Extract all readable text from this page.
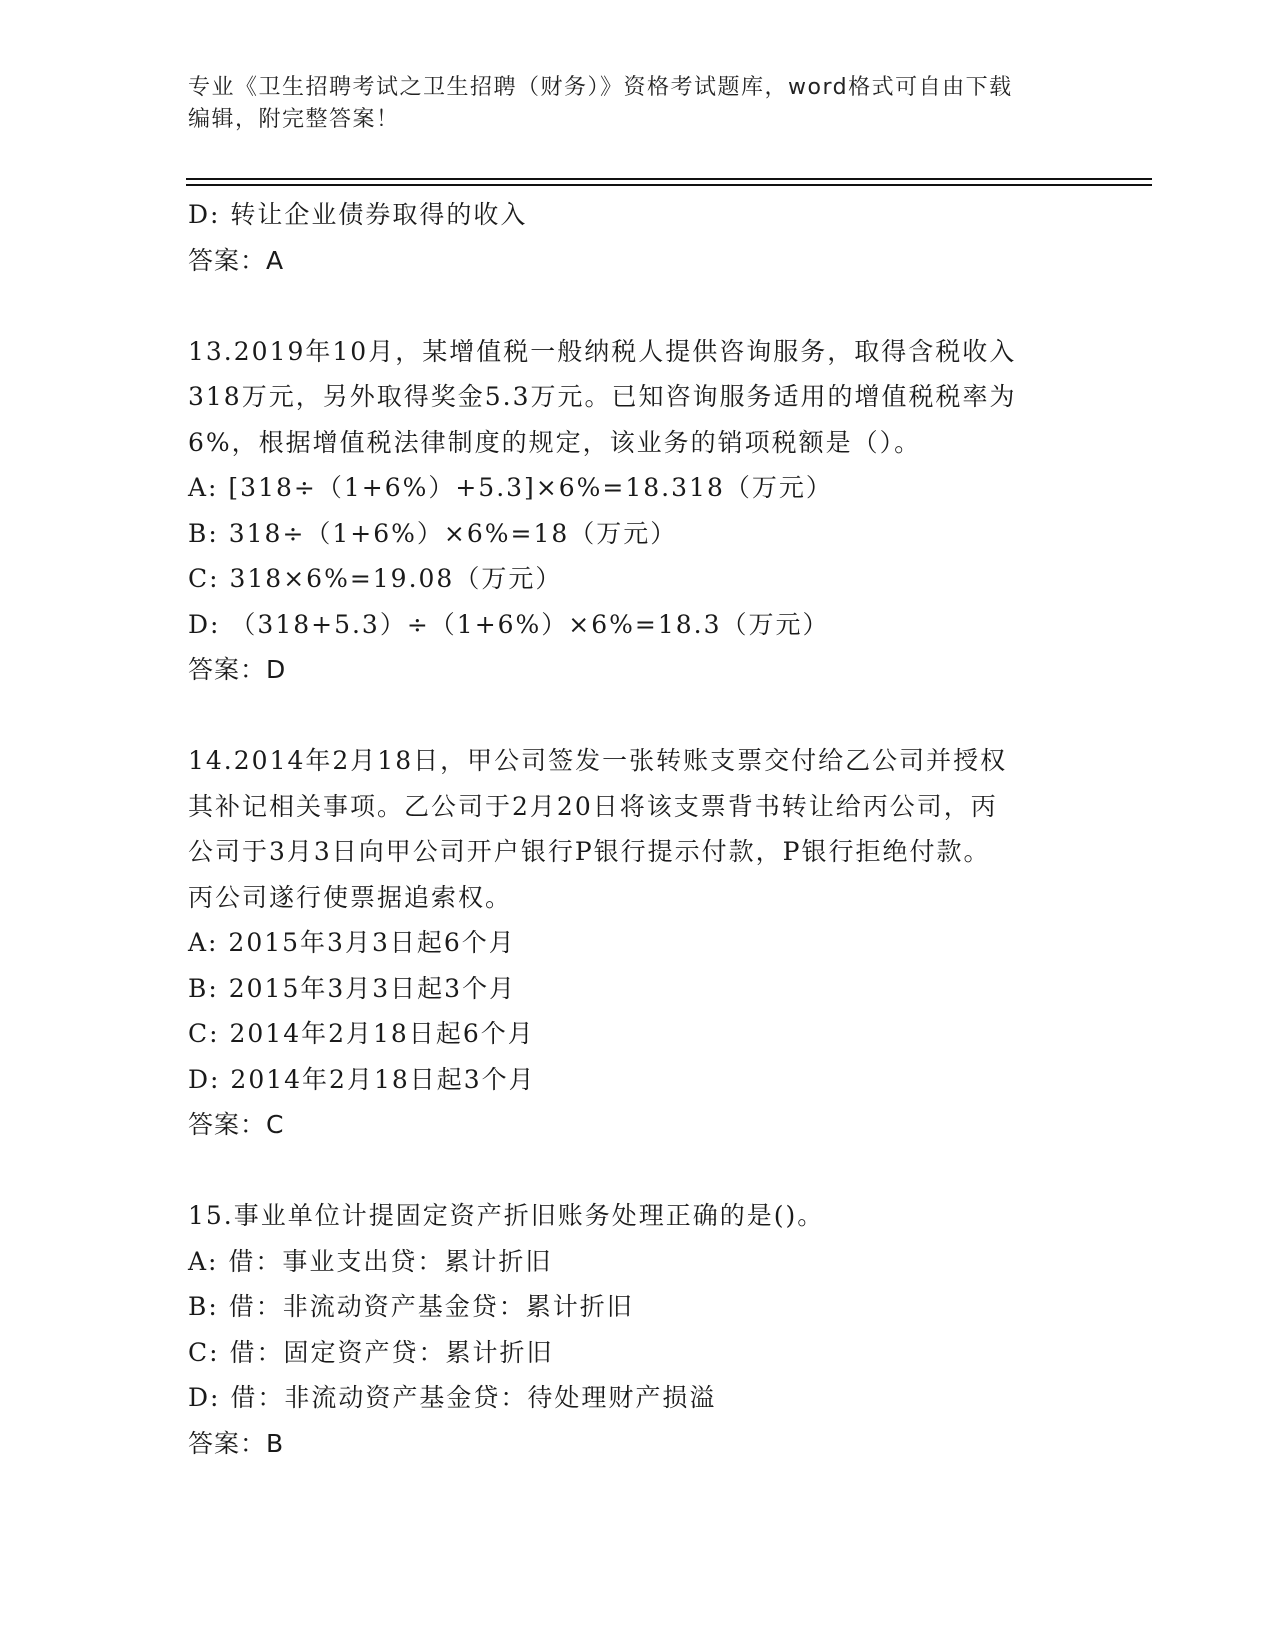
专业《卫生招聘考试之卫生招聘（财务）》资格考试题库，word格式可自由下载
编辑，附完整答案！
D: 转让企业债券取得的收入
答案：A
13.2019年10月，某增值税一般纳税人提供咨询服务，取得含税收入
318万元，另外取得奖金5.3万元。已知咨询服务适用的增值税税率为
6%，根据增值税法律制度的规定，该业务的销项税额是（）。
A: [318÷（1+6%）+5.3]×6%=18.318（万元）
B: 318÷（1+6%）×6%=18（万元）
C: 318×6%=19.08（万元）
D: （318+5.3）÷（1+6%）×6%=18.3（万元）
答案：D
14.2014年2月18日，甲公司签发一张转账支票交付给乙公司并授权
其补记相关事项。乙公司于2月20日将该支票背书转让给丙公司，丙
公司于3月3日向甲公司开户银行P银行提示付款，P银行拒绝付款。
丙公司遂行使票据追索权。
A: 2015年3月3日起6个月
B: 2015年3月3日起3个月
C: 2014年2月18日起6个月
D: 2014年2月18日起3个月
答案：C
15.事业单位计提固定资产折旧账务处理正确的是()。
A: 借：事业支出贷：累计折旧
B: 借：非流动资产基金贷：累计折旧
C: 借：固定资产贷：累计折旧
D: 借：非流动资产基金贷：待处理财产损溢
答案：B
